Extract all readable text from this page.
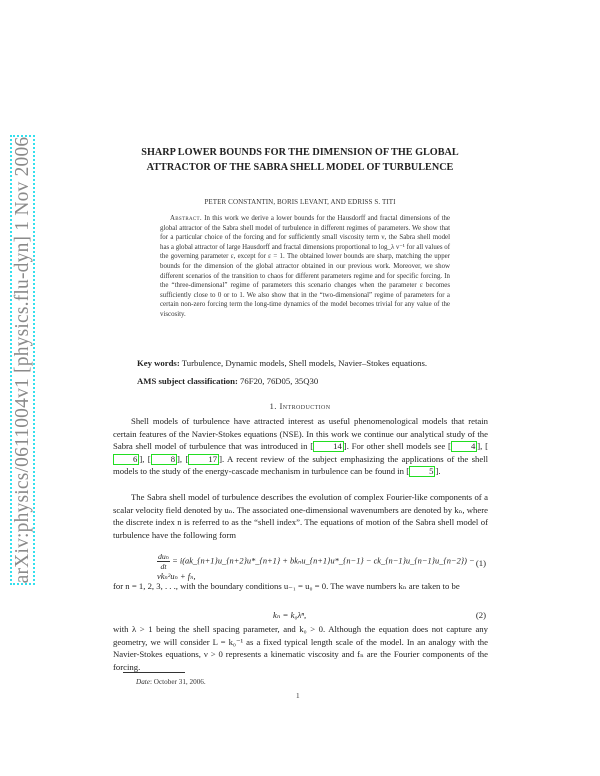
arXiv:physics/0611004v1 [physics.flu-dyn] 1 Nov 2006	SHARP LOWER BOUNDS FOR THE DIMENSION OF THE GLOBAL
ATTRACTOR OF THE SABRA SHELL MODEL OF TURBULENCE
PETER CONSTANTIN, BORIS LEVANT, AND EDRISS S. TITI
Abstract. In this work we derive a lower bounds for the Hausdorff and fractal dimensions of the global attractor of the Sabra shell model of turbulence in different regimes of parameters. We show that for a particular choice of the forcing and for sufficiently small viscosity term ν, the Sabra shell model has a global attractor of large Hausdorff and fractal dimensions proportional to log_λ ν⁻¹ for all values of the governing parameter ε, except for ε = 1. The obtained lower bounds are sharp, matching the upper bounds for the dimension of the global attractor obtained in our previous work. Moreover, we show different scenarios of the transition to chaos for different parameters regime and for specific forcing. In the “three-dimensional” regime of parameters this scenario changes when the parameter ε becomes sufficiently close to 0 or to 1. We also show that in the “two-dimensional” regime of parameters for a certain non-zero forcing term the long-time dynamics of the model becomes trivial for any value of the viscosity.
Key words: Turbulence, Dynamic models, Shell models, Navier–Stokes equations.
AMS subject classification: 76F20, 76D05, 35Q30
1. Introduction

Shell models of turbulence have attracted interest as useful phenomenological models that retain certain features of the Navier-Stokes equations (NSE). In this work we continue our analytical study of the Sabra shell model of turbulence that was introduced in [ 14 ]. For other shell models see [ 4 ], [6 ], [ 8 ], [ 17 ]. A recent review of the subject emphasizing the applications of the shell models to the study of the energy-cascade mechanism in turbulence can be found in [ 5 ].

The Sabra shell model of turbulence describes the evolution of complex Fourier-like components of a scalar velocity field denoted by uₙ. The associated one-dimensional wavenumbers are denoted by kₙ, where the discrete index n is referred to as the “shell index”. The equations of motion of the Sabra shell model of turbulence have the following form

$\frac{\text{duₙ}}{dt}$ = i(ak_{n+1}u_{n+2}u*_{n+1} + bkₙu_{n+1}u*_{n−1} − ck_{n−1}u_{n−1}u_{n−2}) − νkₙ²uₙ + fₙ,
(1)

for n = 1, 2, 3, . . ., with the boundary conditions u₋₁ = u₀ = 0. The wave numbers kₙ are taken to be

kₙ = k₀λⁿ,	(2)

with λ > 1 being the shell spacing parameter, and k₀ > 0. Although the equation does not capture any geometry, we will consider L = k₀⁻¹ as a fixed typical length scale of the model. In an analogy with the Navier-Stokes equations, ν > 0 represents a kinematic viscosity and fₙ are the Fourier components of the forcing.

Date: October 31, 2006.
1
